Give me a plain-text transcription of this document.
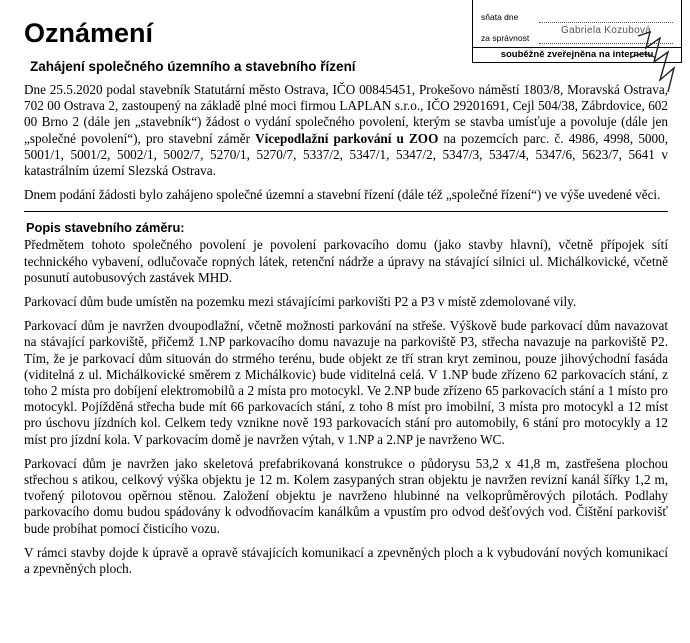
Oznámení
Zahájení společného územního a stavebního řízení
sňata dne
za správnost
Gabriela Kozubová
souběžně zveřejněna na internetu

Dne 25.5.2020 podal stavebník Statutární město Ostrava, IČO 00845451, Prokešovo náměstí 1803/8, Moravská Ostrava, 702 00 Ostrava 2, zastoupený na základě plné moci firmou LAPLAN s.r.o., IČO 29201691, Cejl 504/38, Zábrdovice, 602 00 Brno 2 (dále jen „stavebník“) žádost o vydání společného povolení, kterým se stavba umísťuje a povoluje (dále jen „společné povolení“), pro stavební záměr Vícepodlažní parkování u ZOO na pozemcích parc. č. 4986, 4998, 5000, 5001/1, 5001/2, 5002/1, 5002/7, 5270/1, 5270/7, 5337/2, 5347/1, 5347/2, 5347/3, 5347/4, 5347/6, 5623/7, 5641 v katastrálním území Slezská Ostrava.

Dnem podání žádosti bylo zahájeno společné územní a stavební řízení (dále též „společné řízení“) ve výše uvedené věci.

Popis stavebního záměru:

Předmětem tohoto společného povolení je povolení parkovacího domu (jako stavby hlavní), včetně přípojek sítí technického vybavení, odlučovače ropných látek, retenční nádrže a úpravy na stávající silnici ul. Michálkovické, včetně posunutí autobusových zastávek MHD.

Parkovací dům bude umístěn na pozemku mezi stávajícími parkovišti P2 a P3 v místě zdemolované vily.

Parkovací dům je navržen dvoupodlažní, včetně možnosti parkování na střeše. Výškově bude parkovací dům navazovat na stávající parkoviště, přičemž 1.NP parkovacího domu navazuje na parkoviště P3, střecha navazuje na parkoviště P2. Tím, že je parkovací dům situován do strmého terénu, bude objekt ze tří stran kryt zeminou, pouze jihovýchodní fasáda (viditelná z ul. Michálkovické směrem z Michálkovic) bude viditelná celá. V 1.NP bude zřízeno 62 parkovacích stání, z toho 2 místa pro dobíjení elektromobilů a 2 místa pro motocykl. Ve 2.NP bude zřízeno 65 parkovacích stání a 1 místo pro motocykl. Pojížděná střecha bude mít 66 parkovacích stání, z toho 8 míst pro imobilní, 3 místa pro motocykl a 12 míst pro úschovu jízdních kol. Celkem tedy vznikne nově 193 parkovacích stání pro automobily, 6 stání pro motocykly a 12 míst pro jízdní kola. V parkovacím domě je navržen výtah, v 1.NP a 2.NP je navrženo WC.

Parkovací dům je navržen jako skeletová prefabrikovaná konstrukce o půdorysu 53,2 x 41,8 m, zastřešena plochou střechou s atikou, celkový výška objektu je 12 m. Kolem zasypaných stran objektu je navržen revizní kanál šířky 1,2 m, tvořený pilotovou opěrnou stěnou. Založení objektu je navrženo hlubinné na velkoprůměrových pilotách. Podlahy parkovacího domu budou spádovány k odvodňovacím kanálkům a vpustím pro odvod dešťových vod. Čištění parkovišť bude probíhat pomocí čisticího vozu.

V rámci stavby dojde k úpravě a opravě stávajících komunikací a zpevněných ploch a k vybudování nových komunikací a zpevněných ploch.
